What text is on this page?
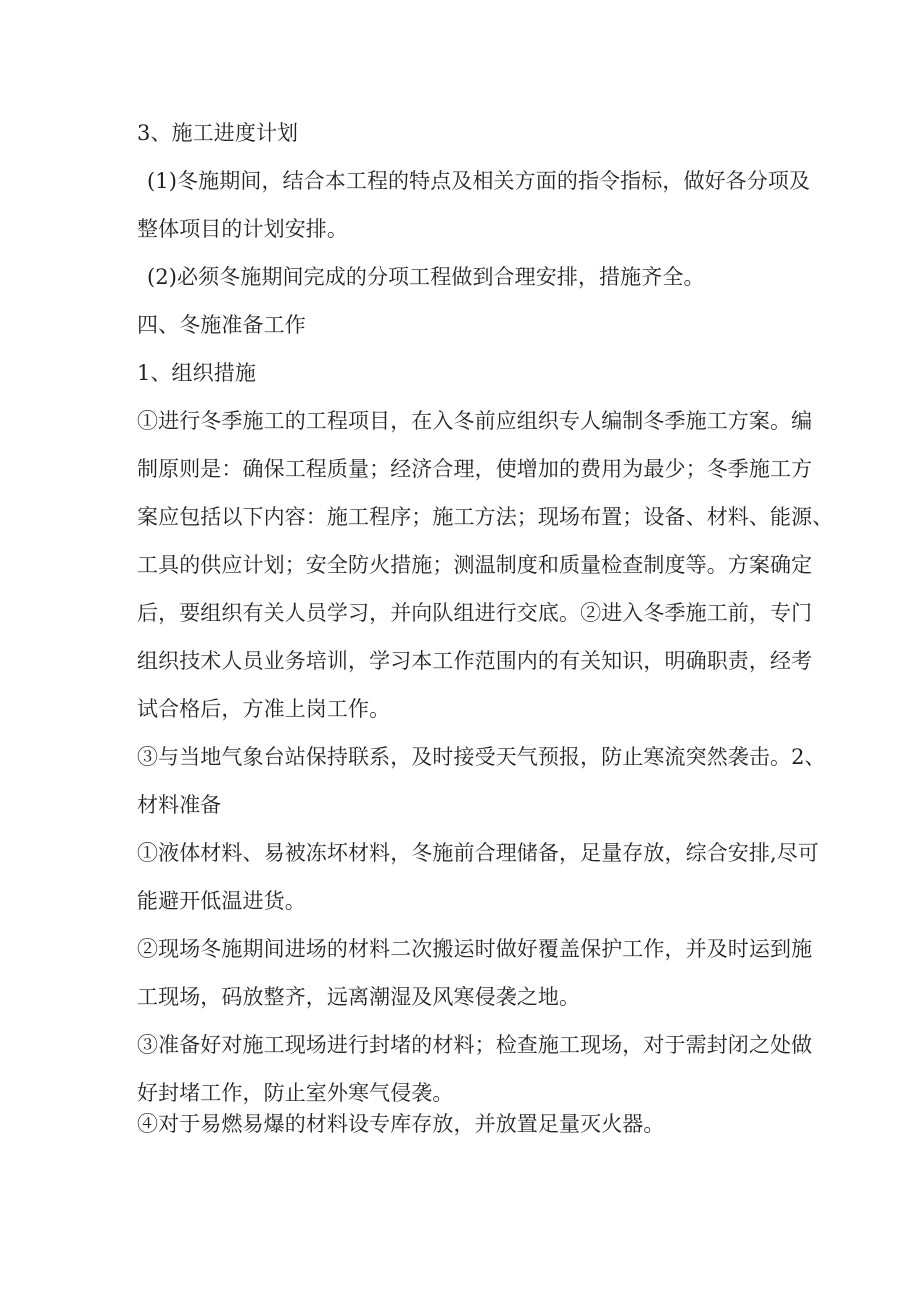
3、施工进度计划
(1)冬施期间，结合本工程的特点及相关方面的指令指标，做好各分项及
整体项目的计划安排。
(2)必须冬施期间完成的分项工程做到合理安排，措施齐全。
四、冬施准备工作
1、组织措施
①进行冬季施工的工程项目，在入冬前应组织专人编制冬季施工方案。编
制原则是：确保工程质量；经济合理，使增加的费用为最少；冬季施工方
案应包括以下内容：施工程序；施工方法；现场布置；设备、材料、能源、
工具的供应计划；安全防火措施；测温制度和质量检查制度等。方案确定
后，要组织有关人员学习，并向队组进行交底。②进入冬季施工前，专门
组织技术人员业务培训，学习本工作范围内的有关知识，明确职责，经考
试合格后，方准上岗工作。
③与当地气象台站保持联系，及时接受天气预报，防止寒流突然袭击。2、
材料准备
①液体材料、易被冻坏材料，冬施前合理储备，足量存放，综合安排,尽可
能避开低温进货。
②现场冬施期间进场的材料二次搬运时做好覆盖保护工作，并及时运到施
工现场，码放整齐，远离潮湿及风寒侵袭之地。
③准备好对施工现场进行封堵的材料；检查施工现场，对于需封闭之处做
好封堵工作，防止室外寒气侵袭。
④对于易燃易爆的材料设专库存放，并放置足量灭火器。
